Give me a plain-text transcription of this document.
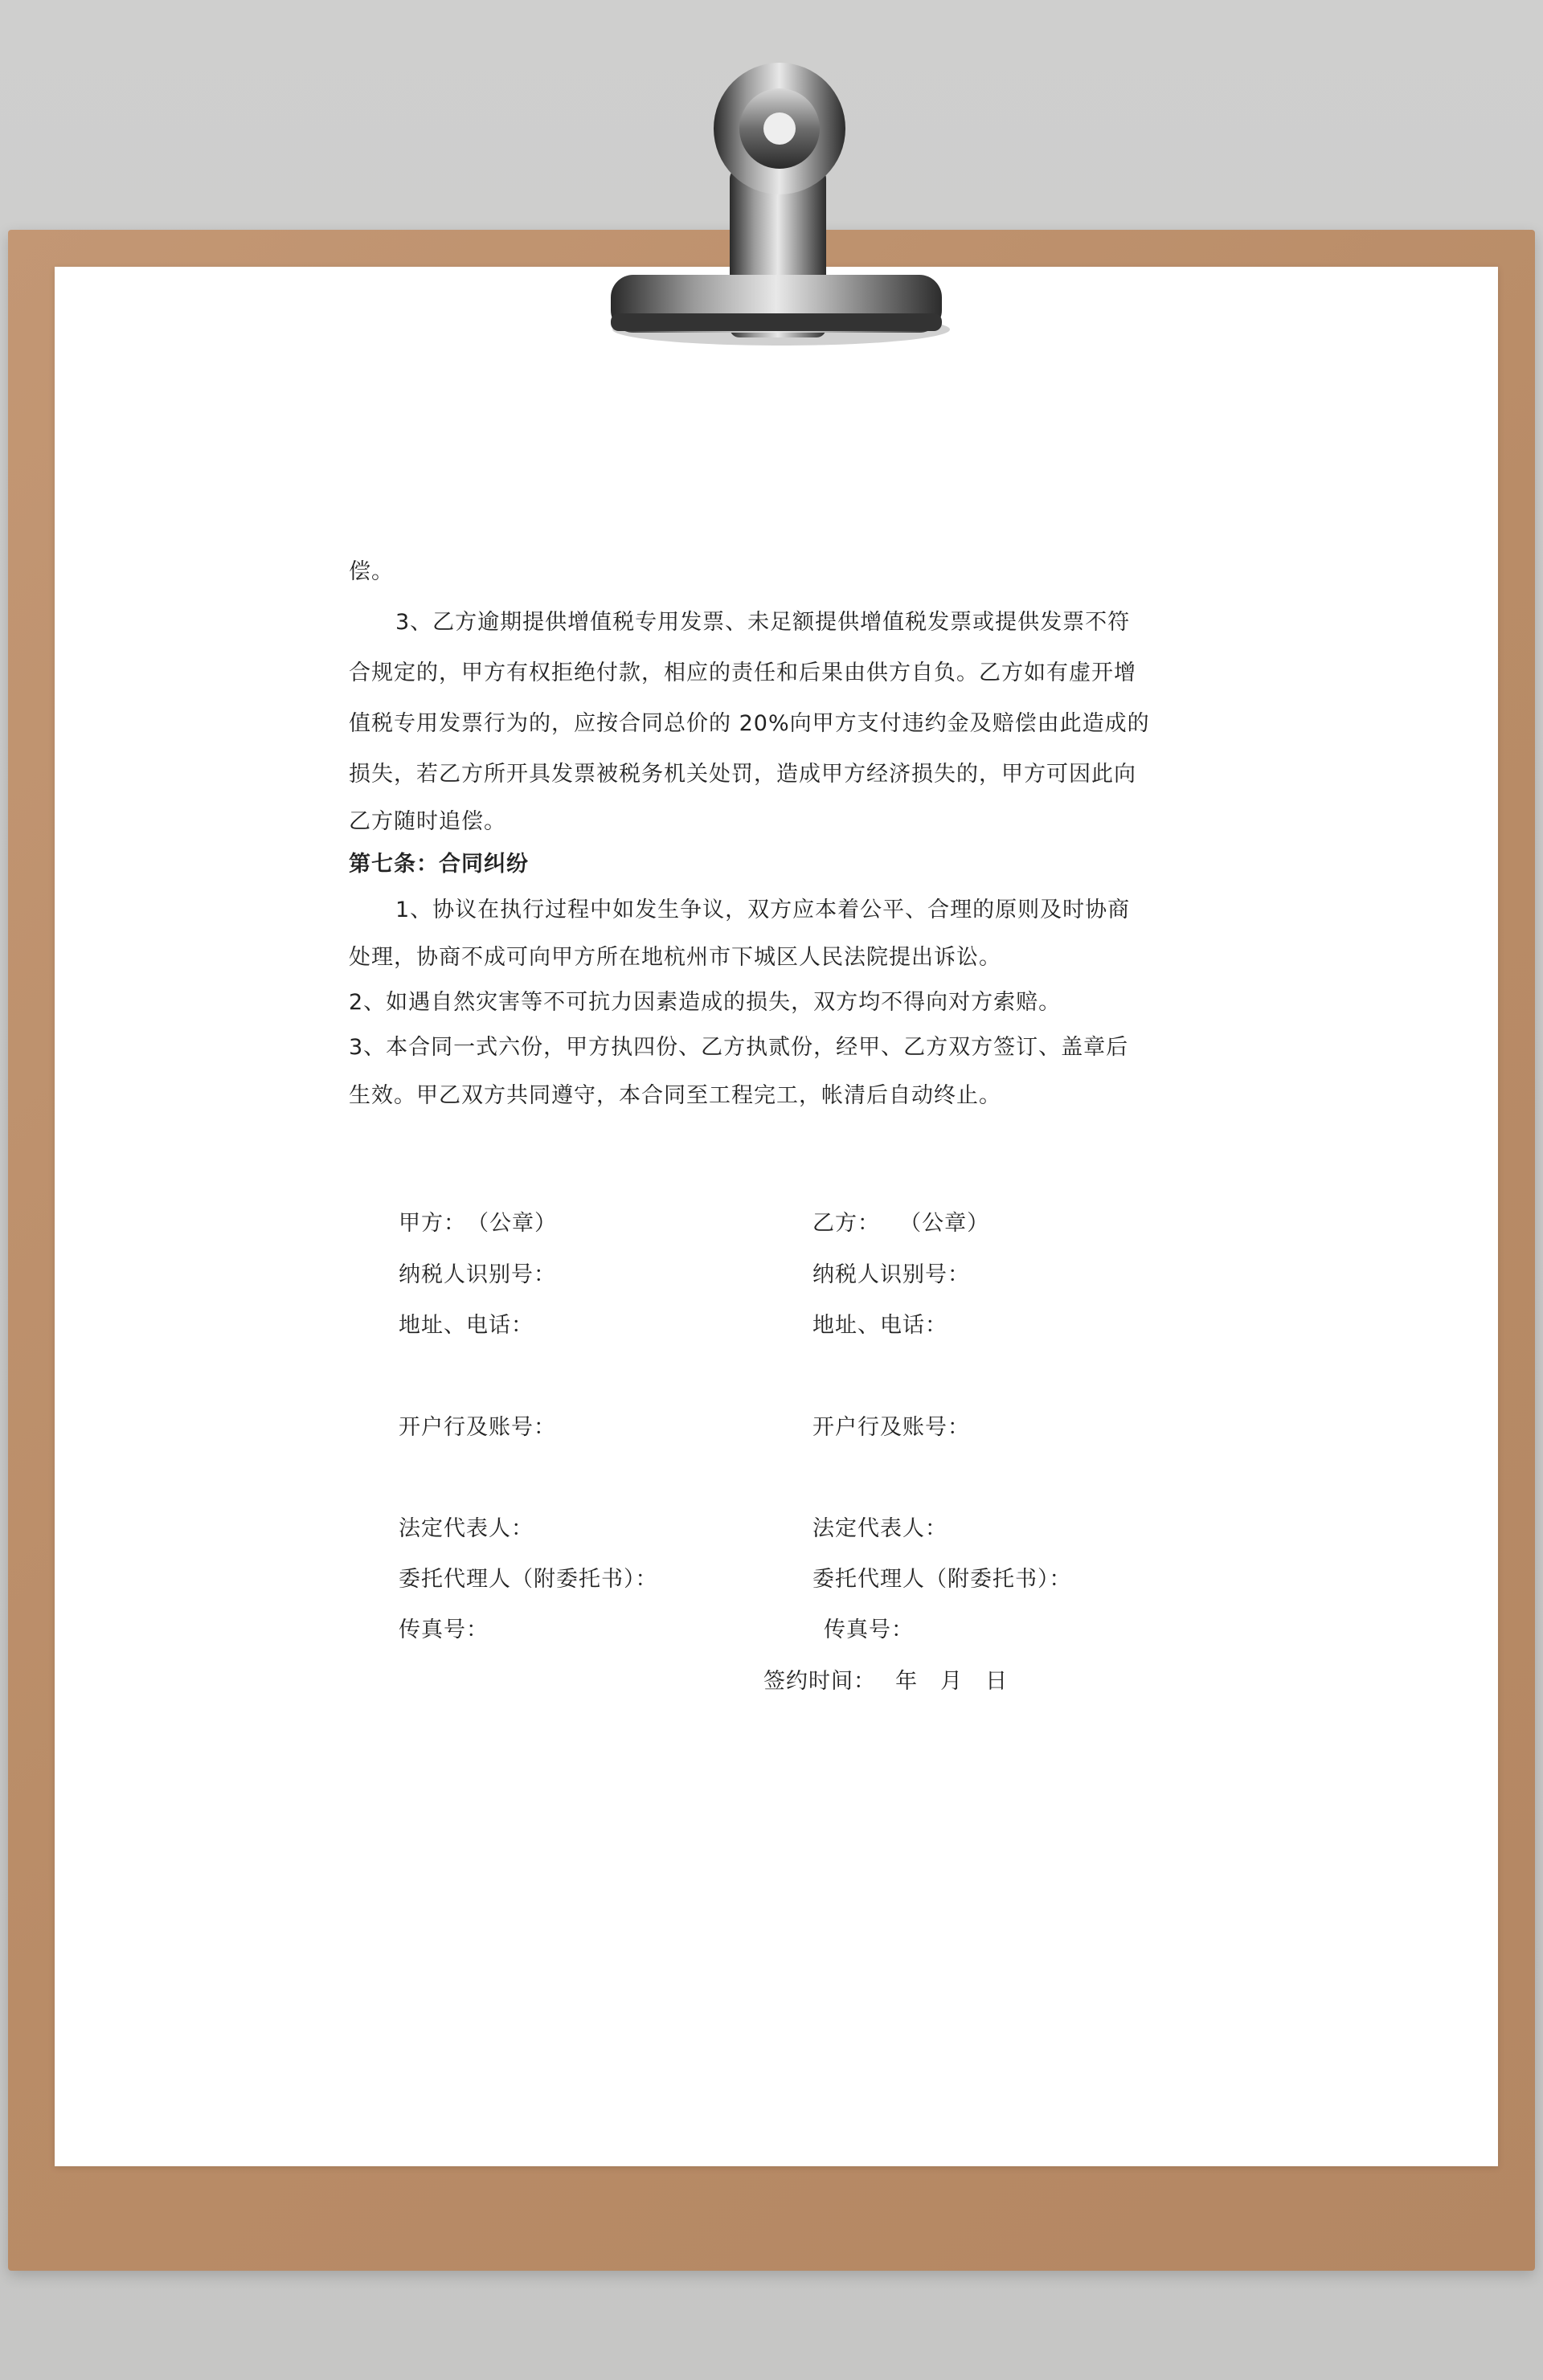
偿。
3、乙方逾期提供增值税专用发票、未足额提供增值税发票或提供发票不符
合规定的，甲方有权拒绝付款，相应的责任和后果由供方自负。乙方如有虚开增
值税专用发票行为的，应按合同总价的 20%向甲方支付违约金及赔偿由此造成的
损失，若乙方所开具发票被税务机关处罚，造成甲方经济损失的，甲方可因此向
乙方随时追偿。
第七条：合同纠纷
1、协议在执行过程中如发生争议，双方应本着公平、合理的原则及时协商
处理，协商不成可向甲方所在地杭州市下城区人民法院提出诉讼。
2、如遇自然灾害等不可抗力因素造成的损失，双方均不得向对方索赔。
3、本合同一式六份，甲方执四份、乙方执贰份，经甲、乙方双方签订、盖章后
生效。甲乙双方共同遵守，本合同至工程完工，帐清后自动终止。
甲方：　（公章）
纳税人识别号：
地址、电话：
开户行及账号：
法定代表人：
委托代理人（附委托书）：
传真号：
乙方：　 （公章）
纳税人识别号：
地址、电话：
开户行及账号：
法定代表人：
委托代理人（附委托书）：
传真号：
签约时间：　 年　月　日
